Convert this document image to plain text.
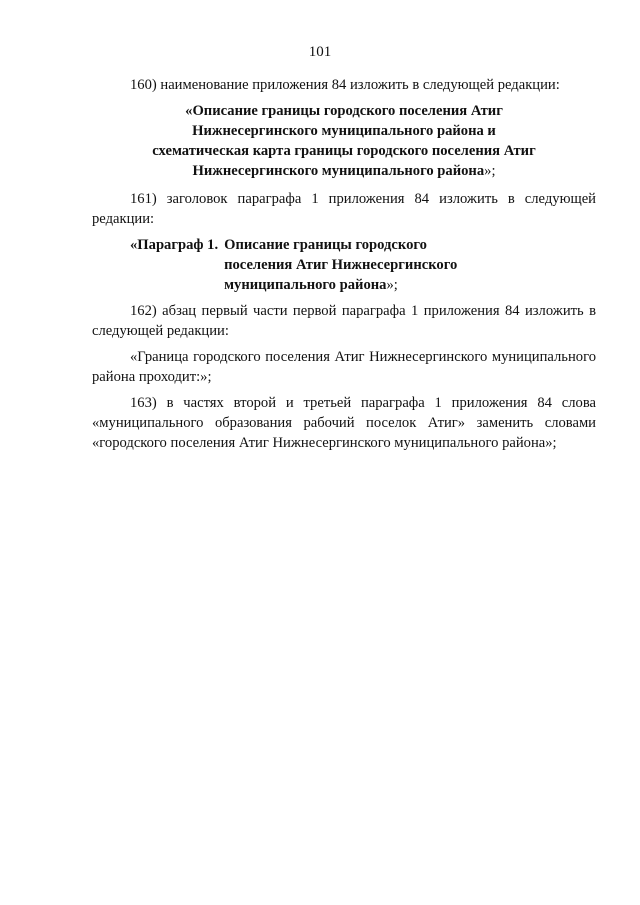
101

160) наименование приложения 84 изложить в следующей редакции:

«Описание границы городского поселения Атиг
Нижнесергинского муниципального района и
схематическая карта границы городского поселения Атиг
Нижнесергинского муниципального района»;

161) заголовок параграфа 1 приложения 84 изложить в следующей редакции:

«Параграф 1. Описание границы городского
поселения Атиг Нижнесергинского
муниципального района»;

162) абзац первый части первой параграфа 1 приложения 84 изложить в следующей редакции:

«Граница городского поселения Атиг Нижнесергинского муниципального района проходит:»;

163) в частях второй и третьей параграфа 1 приложения 84 слова «муниципального образования рабочий поселок Атиг» заменить словами «городского поселения Атиг Нижнесергинского муниципального района»;
